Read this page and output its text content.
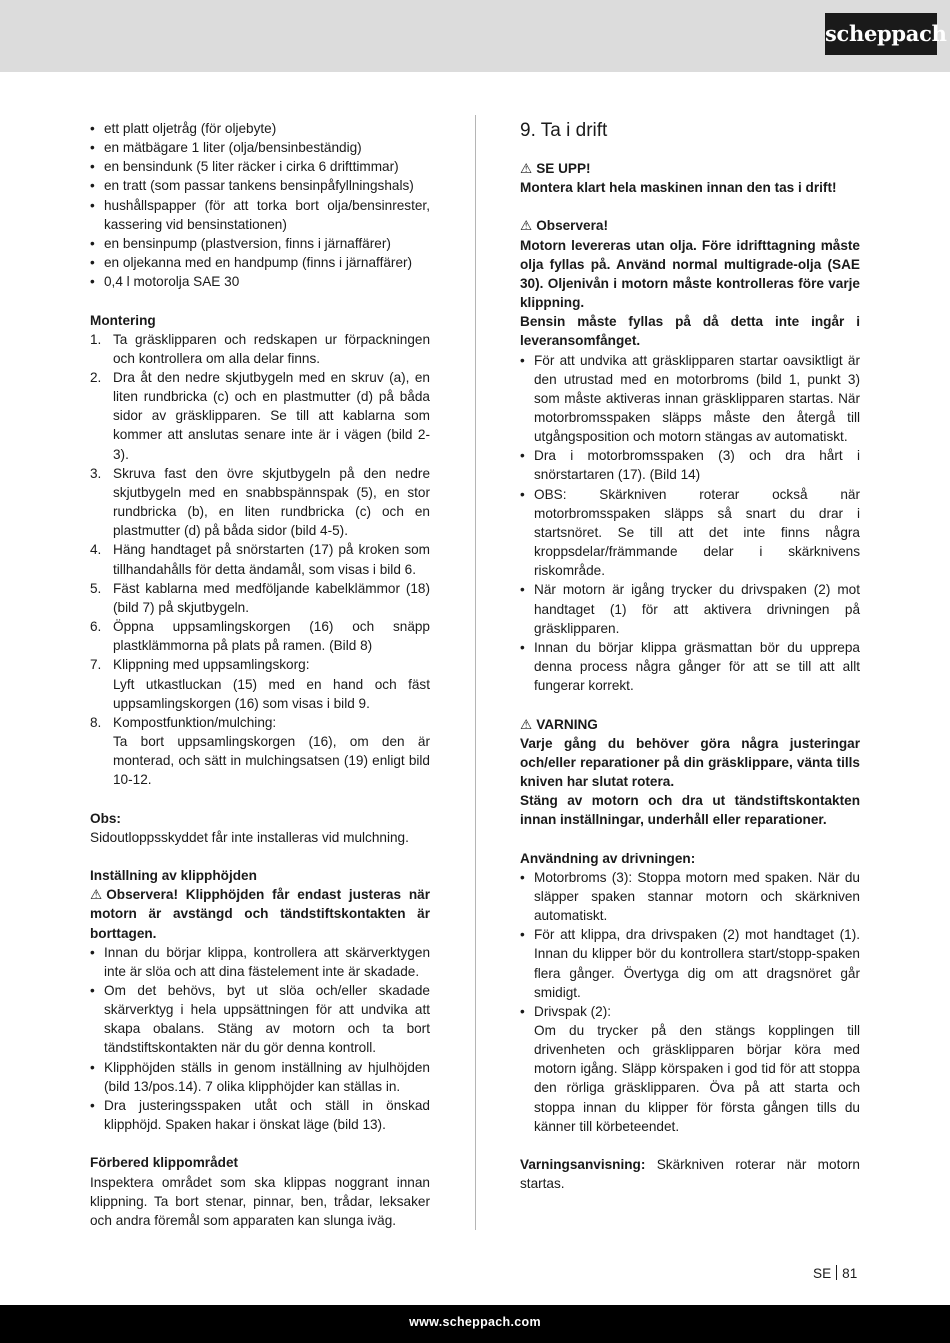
scheppach
• ett platt oljetråg (för oljebyte)
• en mätbägare 1 liter (olja/bensinbeständig)
• en bensindunk (5 liter räcker i cirka 6 drifttimmar)
• en tratt (som passar tankens bensinpåfyllningshals)
• hushållspapper (för att torka bort olja/bensinrester, kassering vid bensinstationen)
• en bensinpump (plastversion, finns i järnaffärer)
• en oljekanna med en handpump (finns i järnaffärer)
• 0,4 l motorolja SAE 30

Montering

1. Ta gräsklipparen och redskapen ur förpackningen och kontrollera om alla delar finns.
2. Dra åt den nedre skjutbygeln med en skruv (a), en liten rundbricka (c) och en plastmutter (d) på båda sidor av gräsklipparen. Se till att kablarna som kommer att anslutas senare inte är i vägen (bild 2-3).
3. Skruva fast den övre skjutbygeln på den nedre skjutbygeln med en snabbspännspak (5), en stor rundbricka (b), en liten rundbricka (c) och en plastmutter (d) på båda sidor (bild 4-5).
4. Häng handtaget på snörstarten (17) på kroken som tillhandahålls för detta ändamål, som visas i bild 6.
5. Fäst kablarna med medföljande kabelklämmor (18) (bild 7) på skjutbygeln.
6. Öppna uppsamlingskorgen (16) och snäpp plastklämmorna på plats på ramen. (Bild 8)
7. Klippning med uppsamlingskorg:
Lyft utkastluckan (15) med en hand och fäst uppsamlingskorgen (16) som visas i bild 9.
8. Kompostfunktion/mulching:
Ta bort uppsamlingskorgen (16), om den är monterad, och sätt in mulchingsatsen (19) enligt bild 10-12.

Obs:

Sidoutloppsskyddet får inte installeras vid mulchning.

Inställning av klipphöjden

⚠ Observera! Klipphöjden får endast justeras när motorn är avstängd och tändstiftskontakten är borttagen.

• Innan du börjar klippa, kontrollera att skärverktygen inte är slöa och att dina fästelement inte är skadade.
• Om det behövs, byt ut slöa och/eller skadade skärverktyg i hela uppsättningen för att undvika att skapa obalans. Stäng av motorn och ta bort tändstiftskontakten när du gör denna kontroll.
• Klipphöjden ställs in genom inställning av hjulhöjden (bild 13/pos.14). 7 olika klipphöjder kan ställas in.
• Dra justeringsspaken utåt och ställ in önskad klipphöjd. Spaken hakar i önskat läge (bild 13).

Förbered klippområdet

Inspektera området som ska klippas noggrant innan klippning. Ta bort stenar, pinnar, ben, trådar, leksaker och andra föremål som apparaten kan slunga iväg.

9. Ta i drift

⚠ SE UPP!

Montera klart hela maskinen innan den tas i drift!

⚠ Observera!

Motorn levereras utan olja. Före idrifttagning måste olja fyllas på. Använd normal multigrade-olja (SAE 30). Oljenivån i motorn måste kontrolleras före varje klippning.

Bensin måste fyllas på då detta inte ingår i leveransomfånget.

• För att undvika att gräsklipparen startar oavsiktligt är den utrustad med en motorbroms (bild 1, punkt 3) som måste aktiveras innan gräsklipparen startas. När motorbromsspaken släpps måste den återgå till utgångsposition och motorn stängas av automatiskt.
• Dra i motorbromsspaken (3) och dra hårt i snörstartaren (17). (Bild 14)
• OBS: Skärkniven roterar också när motorbromsspaken släpps så snart du drar i startsnöret. Se till att det inte finns några kroppsdelar/främmande delar i skärknivens riskområde.
• När motorn är igång trycker du drivspaken (2) mot handtaget (1) för att aktivera drivningen på gräsklipparen.
• Innan du börjar klippa gräsmattan bör du upprepa denna process några gånger för att se till att allt fungerar korrekt.

⚠ VARNING

Varje gång du behöver göra några justeringar och/eller reparationer på din gräsklippare, vänta tills kniven har slutat rotera.

Stäng av motorn och dra ut tändstiftskontakten innan inställningar, underhåll eller reparationer.

Användning av drivningen:

• Motorbroms (3): Stoppa motorn med spaken. När du släpper spaken stannar motorn och skärkniven automatiskt.
• För att klippa, dra drivspaken (2) mot handtaget (1). Innan du klipper bör du kontrollera start/stopp-spaken flera gånger. Övertyga dig om att dragsnöret går smidigt.
• Drivspak (2):
Om du trycker på den stängs kopplingen till drivenheten och gräsklipparen börjar köra med motorn igång. Släpp körspaken i god tid för att stoppa den rörliga gräsklipparen. Öva på att starta och stoppa innan du klipper för första gången tills du känner till körbeteendet.

Varningsanvisning: Skärkniven roterar när motorn startas.

SE 81
www.scheppach.com
